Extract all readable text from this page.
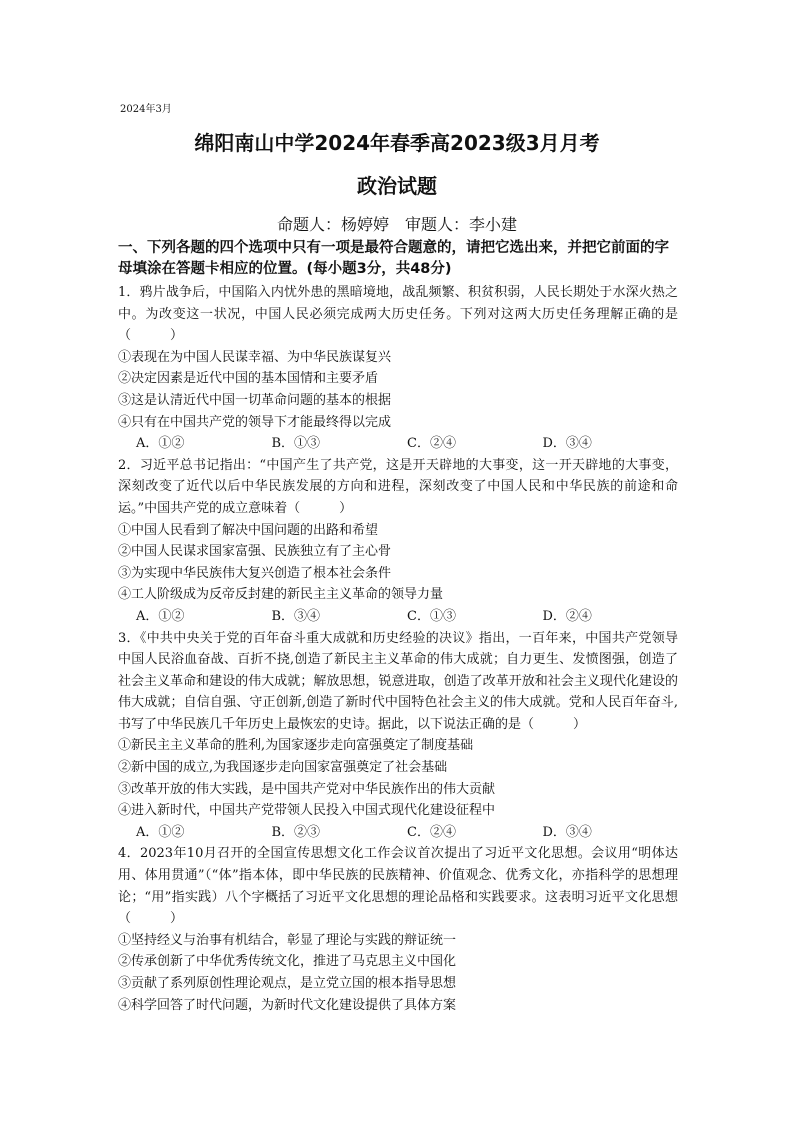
2024年3月
绵阳南山中学2024年春季高2023级3月月考
政治试题
命题人：杨婷婷　审题人：李小建
一、下列各题的四个选项中只有一项是最符合题意的，请把它选出来，并把它前面的字母填涂在答题卡相应的位置。(每小题3分，共48分)
1．鸦片战争后，中国陷入内忧外患的黑暗境地，战乱频繁、积贫积弱，人民长期处于水深火热之中。为改变这一状况，中国人民必须完成两大历史任务。下列对这两大历史任务理解正确的是（　　　）
①表现在为中国人民谋幸福、为中华民族谋复兴
②决定因素是近代中国的基本国情和主要矛盾
③这是认清近代中国一切革命问题的基本的根据
④只有在中国共产党的领导下才能最终得以完成
A．①②	B．①③	C．②④	D．③④
2．习近平总书记指出：“中国产生了共产党，这是开天辟地的大事变，这一开天辟地的大事变，深刻改变了近代以后中华民族发展的方向和进程，深刻改变了中国人民和中华民族的前途和命运。”中国共产党的成立意味着（　　　）
①中国人民看到了解决中国问题的出路和希望
②中国人民谋求国家富强、民族独立有了主心骨
③为实现中华民族伟大复兴创造了根本社会条件
④工人阶级成为反帝反封建的新民主主义革命的领导力量
A．①②	B．③④	C．①③	D．②④
3．《中共中央关于党的百年奋斗重大成就和历史经验的决议》指出，一百年来，中国共产党领导中国人民浴血奋战、百折不挠,创造了新民主主义革命的伟大成就；自力更生、发愤图强，创造了社会主义革命和建设的伟大成就；解放思想，锐意进取，创造了改革开放和社会主义现代化建设的伟大成就；自信自强、守正创新,创造了新时代中国特色社会主义的伟大成就。党和人民百年奋斗,书写了中华民族几千年历史上最恢宏的史诗。据此，以下说法正确的是（　　　）
①新民主主义革命的胜利,为国家逐步走向富强奠定了制度基础
②新中国的成立,为我国逐步走向国家富强奠定了社会基础
③改革开放的伟大实践，是中国共产党对中华民族作出的伟大贡献
④进入新时代，中国共产党带领人民投入中国式现代化建设征程中
A．①②	B．②③	C．②④	D．③④
4．2023年10月召开的全国宣传思想文化工作会议首次提出了习近平文化思想。会议用“明体达用、体用贯通”（“体”指本体，即中华民族的民族精神、价值观念、优秀文化，亦指科学的思想理论；“用”指实践）八个字概括了习近平文化思想的理论品格和实践要求。这表明习近平文化思想（　　　）
①坚持经义与治事有机结合，彰显了理论与实践的辩证统一
②传承创新了中华优秀传统文化，推进了马克思主义中国化
③贡献了系列原创性理论观点，是立党立国的根本指导思想
④科学回答了时代问题，为新时代文化建设提供了具体方案
